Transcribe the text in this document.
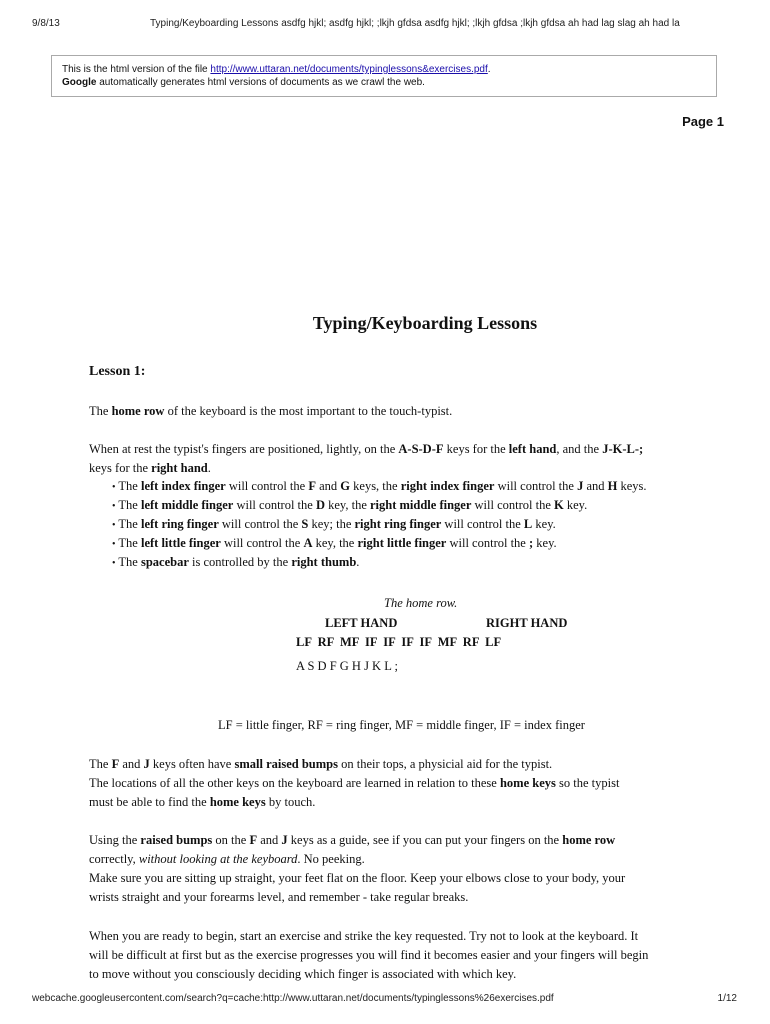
9/8/13	Typing/Keyboarding Lessons asdfg hjkl; asdfg hjkl; ;lkjh gfdsa asdfg hjkl; ;lkjh gfdsa ;lkjh gfdsa ah had lag slag ah had la
This is the html version of the file http://www.uttaran.net/documents/typinglessons&exercises.pdf.
Google automatically generates html versions of documents as we crawl the web.
Page 1
Typing/Keyboarding Lessons
Lesson 1:
The home row of the keyboard is the most important to the touch-typist.
When at rest the typist's fingers are positioned, lightly, on the A-S-D-F keys for the left hand, and the J-K-L-;
keys for the right hand.
• The left index finger will control the F and G keys, the right index finger will control the J and H keys.
• The left middle finger will control the D key, the right middle finger will control the K key.
• The left ring finger will control the S key; the right ring finger will control the L key.
• The left little finger will control the A key, the right little finger will control the ; key.
• The spacebar is controlled by the right thumb.
The home row.
LEFT HAND	RIGHT HAND
LF RF MF IF IF IF IF MF RF LF
A S D F G H J K L ;
LF = little finger, RF = ring finger, MF = middle finger, IF = index finger
The F and J keys often have small raised bumps on their tops, a physicial aid for the typist.
The locations of all the other keys on the keyboard are learned in relation to these home keys so the typist
must be able to find the home keys by touch.
Using the raised bumps on the F and J keys as a guide, see if you can put your fingers on the home row
correctly, without looking at the keyboard. No peeking.
Make sure you are sitting up straight, your feet flat on the floor. Keep your elbows close to your body, your
wrists straight and your forearms level, and remember - take regular breaks.
When you are ready to begin, start an exercise and strike the key requested. Try not to look at the keyboard. It
will be difficult at first but as the exercise progresses you will find it becomes easier and your fingers will begin
to move without you consciously deciding which finger is associated with which key.
webcache.googleusercontent.com/search?q=cache:http://www.uttaran.net/documents/typinglessons%26exercises.pdf	1/12
